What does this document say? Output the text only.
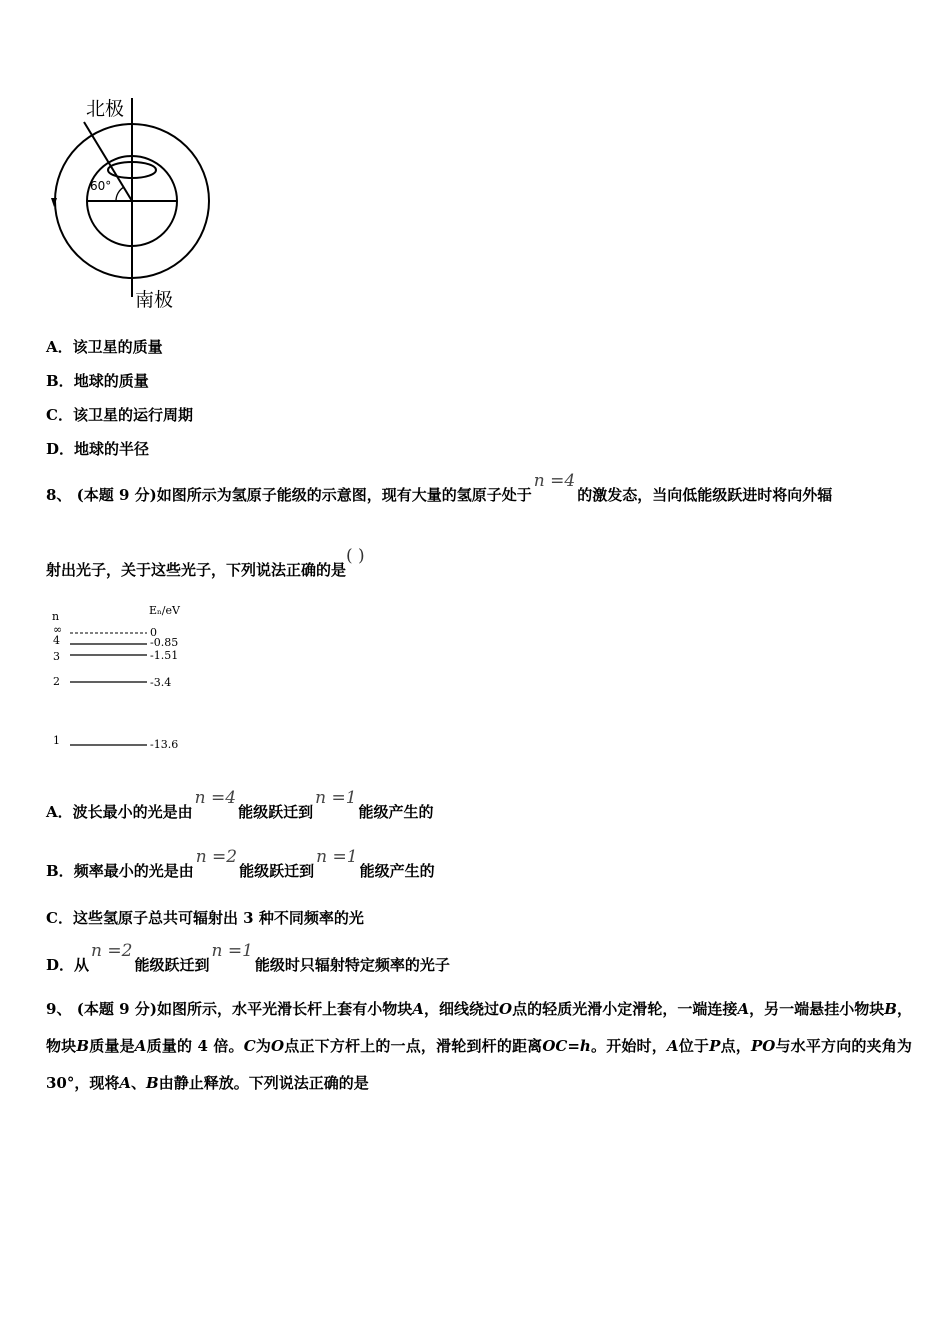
北极
南极
60°
A．该卫星的质量
B．地球的质量
C．该卫星的运行周期
D．地球的半径
8、 (本题 9 分)如图所示为氢原子能级的示意图，现有大量的氢原子处于n =4的激发态，当向低能级跃进时将向外辐
射出光子，关于这些光子，下列说法正确的是( )
n	Eₙ/eV
∞	0
4	-0.85
3	-1.51
2	-3.4
1	-13.6
A．波长最小的光是由n =4能级跃迁到n =1能级产生的
B．频率最小的光是由n =2能级跃迁到n =1能级产生的
C．这些氢原子总共可辐射出 3 种不同频率的光
D．从n =2能级跃迁到n =1能级时只辐射特定频率的光子
9、 (本题 9 分)如图所示，水平光滑长杆上套有小物块A，细线绕过O点的轻质光滑小定滑轮，一端连接A，另一端悬挂小物块B，物块B质量是A质量的 4 倍。C为O点正下方杆上的一点，滑轮到杆的距离OC=h。开始时，A位于P点，PO与水平方向的夹角为 30°，现将A、B由静止释放。下列说法正确的是
